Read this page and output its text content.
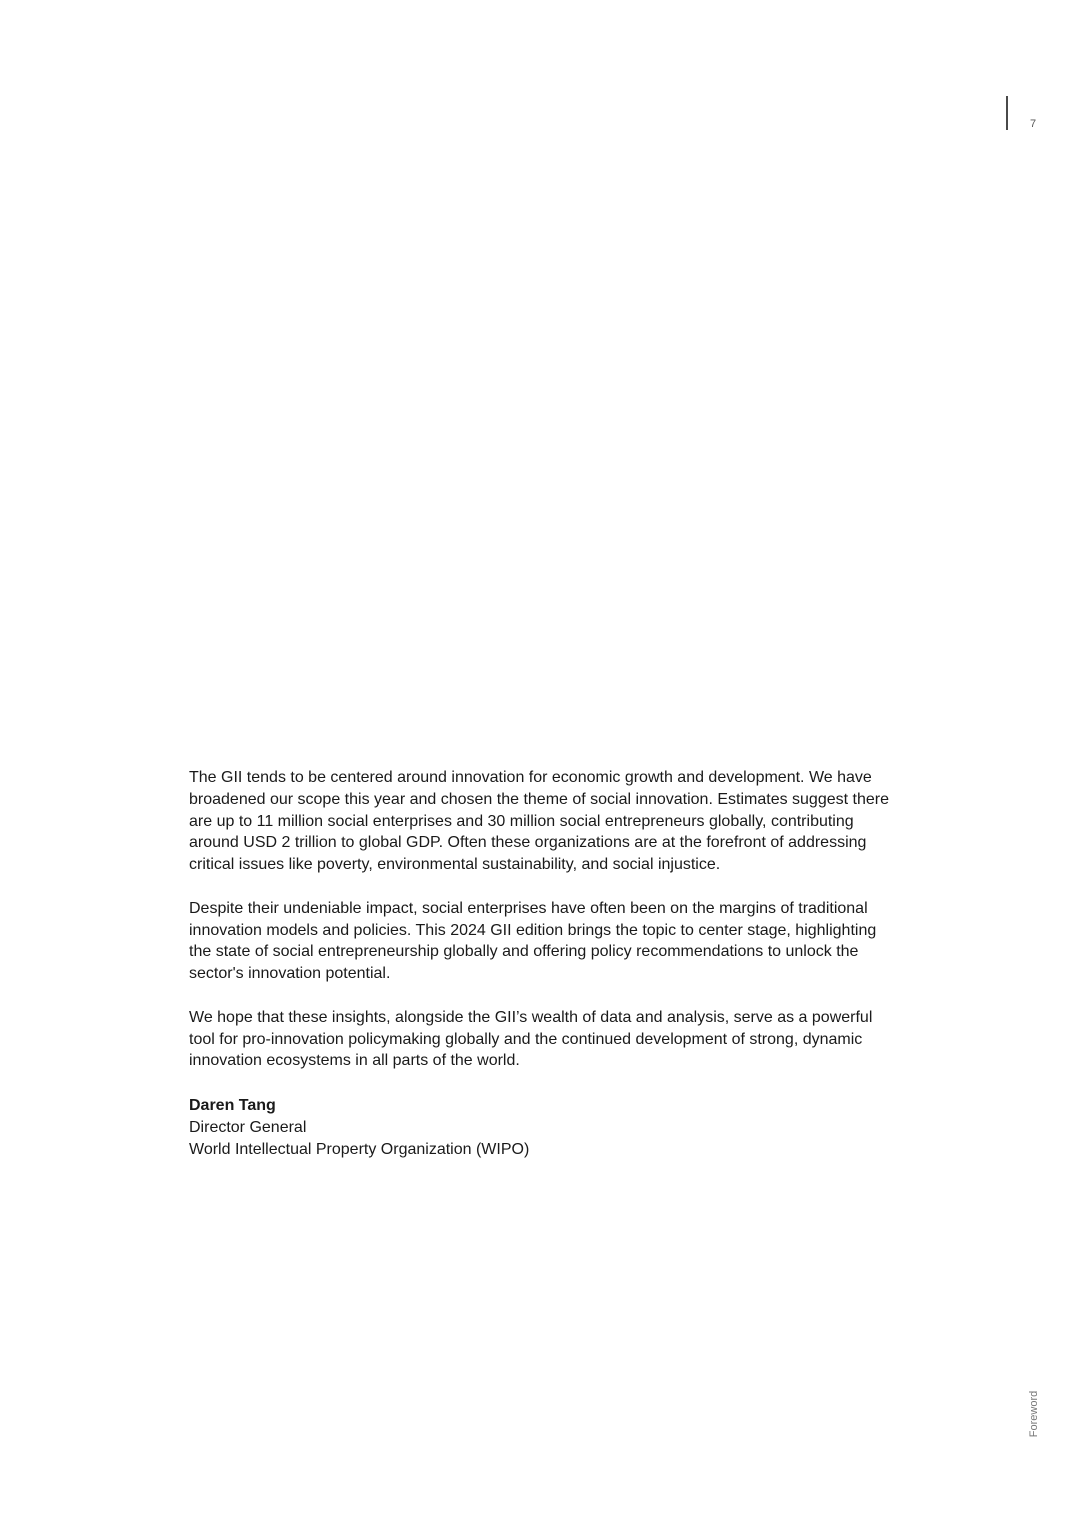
7

The GII tends to be centered around innovation for economic growth and development. We have broadened our scope this year and chosen the theme of social innovation. Estimates suggest there are up to 11 million social enterprises and 30 million social entrepreneurs globally, contributing around USD 2 trillion to global GDP. Often these organizations are at the forefront of addressing critical issues like poverty, environmental sustainability, and social injustice.

Despite their undeniable impact, social enterprises have often been on the margins of traditional innovation models and policies. This 2024 GII edition brings the topic to center stage, highlighting the state of social entrepreneurship globally and offering policy recommendations to unlock the sector's innovation potential.

We hope that these insights, alongside the GII’s wealth of data and analysis, serve as a powerful tool for pro-innovation policymaking globally and the continued development of strong, dynamic innovation ecosystems in all parts of the world.

Daren Tang
Director General
World Intellectual Property Organization (WIPO)
Foreword
